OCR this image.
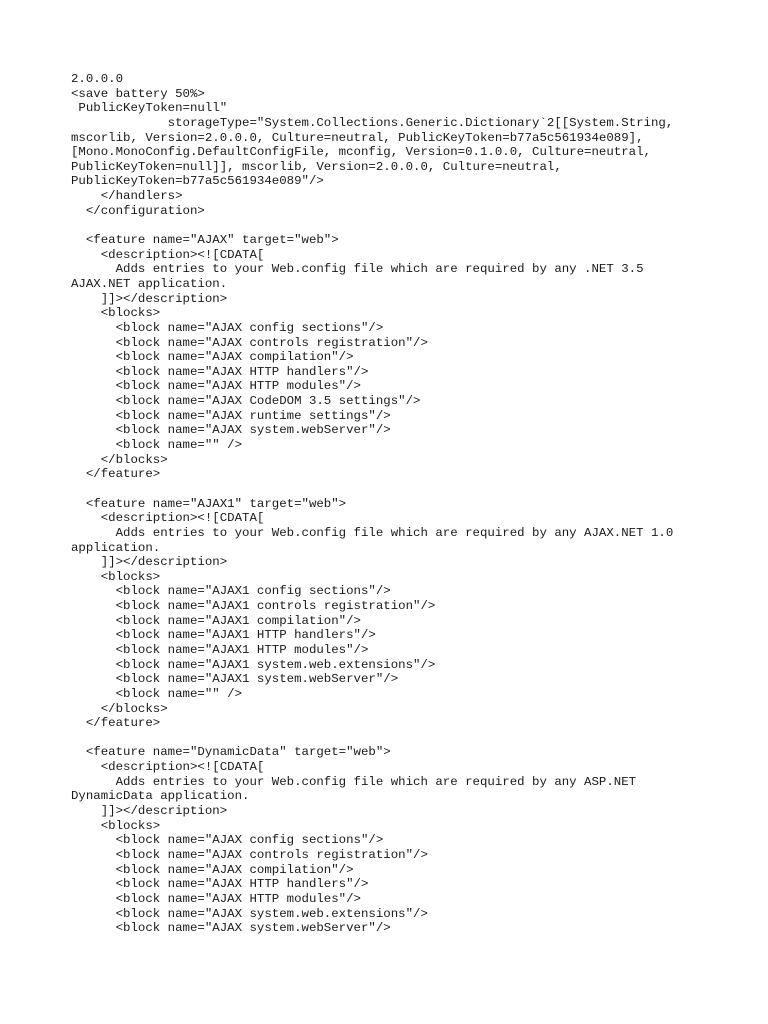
2.0.0.0
<save battery 50%>
PublicKeyToken=null"
storageType="System.Collections.Generic.Dictionary`2[[System.String,
mscorlib, Version=2.0.0.0, Culture=neutral, PublicKeyToken=b77a5c561934e089],
[Mono.MonoConfig.DefaultConfigFile, mconfig, Version=0.1.0.0, Culture=neutral,
PublicKeyToken=null]], mscorlib, Version=2.0.0.0, Culture=neutral,
PublicKeyToken=b77a5c561934e089"/>
</handlers>
</configuration>
<feature name="AJAX" target="web">
<description><![CDATA[
Adds entries to your Web.config file which are required by any .NET 3.5
AJAX.NET application.
]]></description>
<blocks>
<block name="AJAX config sections"/>
<block name="AJAX controls registration"/>
<block name="AJAX compilation"/>
<block name="AJAX HTTP handlers"/>
<block name="AJAX HTTP modules"/>
<block name="AJAX CodeDOM 3.5 settings"/>
<block name="AJAX runtime settings"/>
<block name="AJAX system.webServer"/>
<block name="" />
</blocks>
</feature>
<feature name="AJAX1" target="web">
<description><![CDATA[
Adds entries to your Web.config file which are required by any AJAX.NET 1.0
application.
]]></description>
<blocks>
<block name="AJAX1 config sections"/>
<block name="AJAX1 controls registration"/>
<block name="AJAX1 compilation"/>
<block name="AJAX1 HTTP handlers"/>
<block name="AJAX1 HTTP modules"/>
<block name="AJAX1 system.web.extensions"/>
<block name="AJAX1 system.webServer"/>
<block name="" />
</blocks>
</feature>
<feature name="DynamicData" target="web">
<description><![CDATA[
Adds entries to your Web.config file which are required by any ASP.NET
DynamicData application.
]]></description>
<blocks>
<block name="AJAX config sections"/>
<block name="AJAX controls registration"/>
<block name="AJAX compilation"/>
<block name="AJAX HTTP handlers"/>
<block name="AJAX HTTP modules"/>
<block name="AJAX system.web.extensions"/>
<block name="AJAX system.webServer"/>
